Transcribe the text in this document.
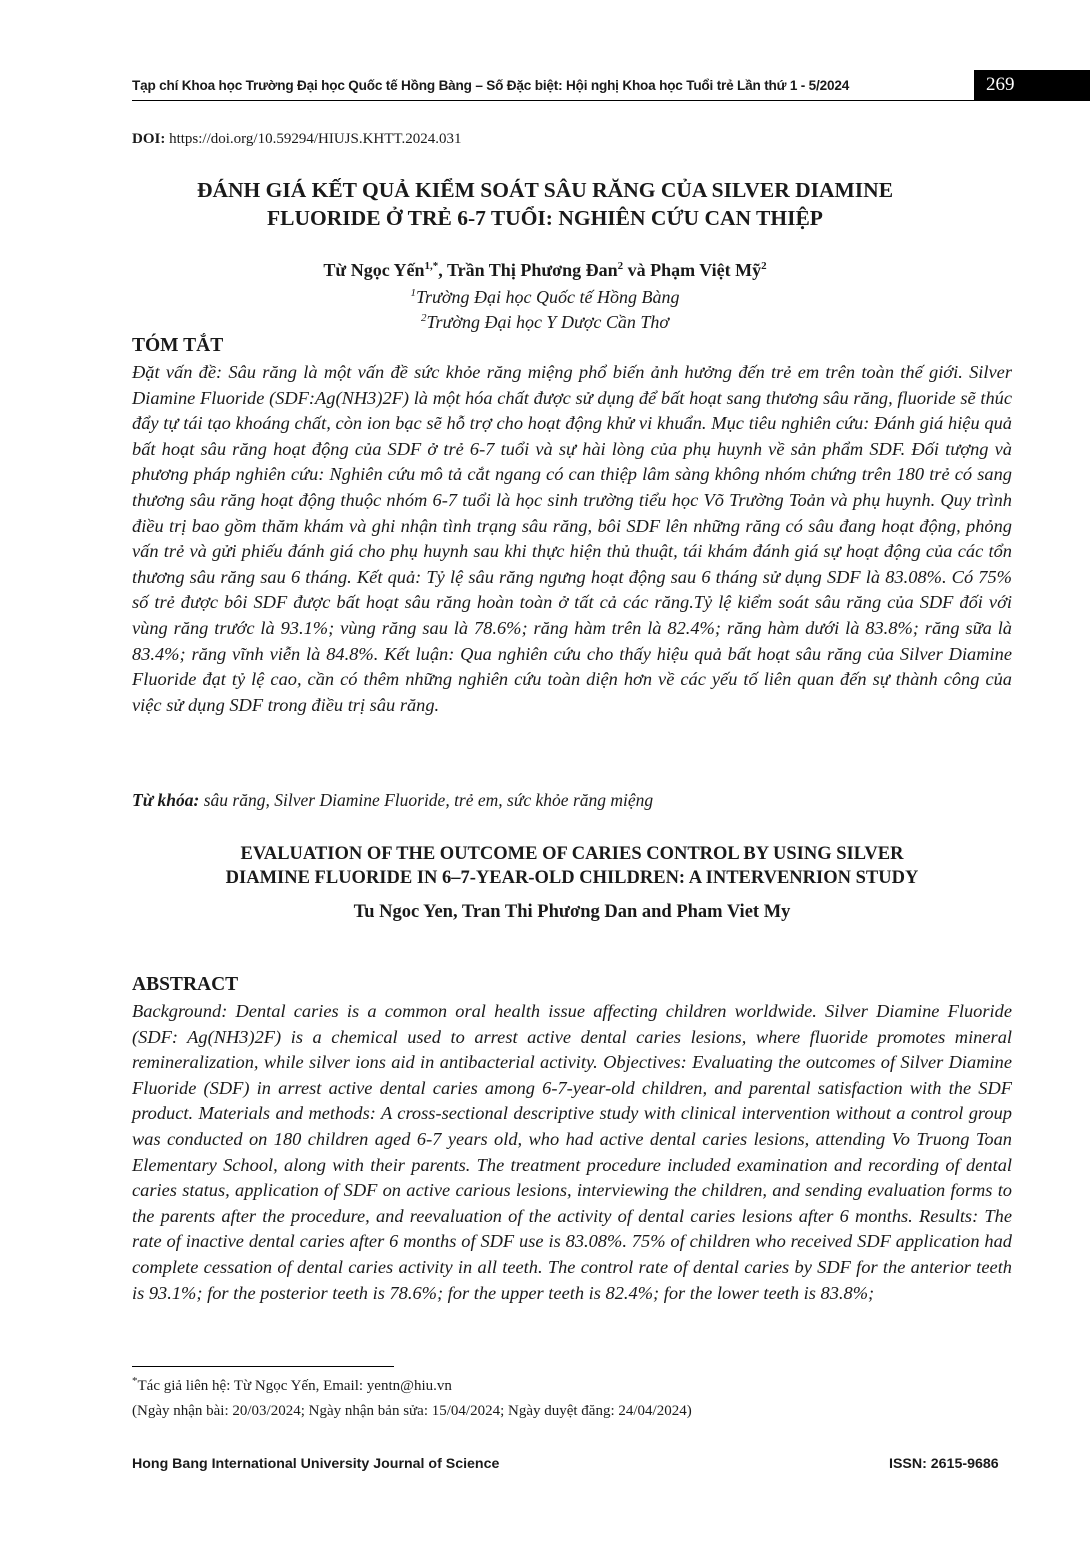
Tạp chí Khoa học Trường Đại học Quốc tế Hồng Bàng – Số Đặc biệt: Hội nghị Khoa học Tuổi trẻ Lần thứ 1 - 5/2024	269
DOI: https://doi.org/10.59294/HIUJS.KHTT.2024.031
ĐÁNH GIÁ KẾT QUẢ KIỂM SOÁT SÂU RĂNG CỦA SILVER DIAMINE
FLUORIDE Ở TRẺ 6-7 TUỔI: NGHIÊN CỨU CAN THIỆP
Từ Ngọc Yến$^{1,*}$, Trần Thị Phương Đan$^2$ và Phạm Việt Mỹ$^2$
$^1$Trường Đại học Quốc tế Hồng Bàng
$^2$Trường Đại học Y Dược Cần Thơ
TÓM TẮT

Đặt vấn đề: Sâu răng là một vấn đề sức khỏe răng miệng phổ biến ảnh hưởng đến trẻ em trên toàn thế giới. Silver Diamine Fluoride (SDF:Ag(NH3)2F) là một hóa chất được sử dụng để bất hoạt sang thương sâu răng, fluoride sẽ thúc đẩy tự tái tạo khoáng chất, còn ion bạc sẽ hỗ trợ cho hoạt động khử vi khuẩn. Mục tiêu nghiên cứu: Đánh giá hiệu quả bất hoạt sâu răng hoạt động của SDF ở trẻ 6-7 tuổi và sự hài lòng của phụ huynh về sản phẩm SDF. Đối tượng và phương pháp nghiên cứu: Nghiên cứu mô tả cắt ngang có can thiệp lâm sàng không nhóm chứng trên 180 trẻ có sang thương sâu răng hoạt động thuộc nhóm 6-7 tuổi là học sinh trường tiểu học Võ Trường Toản và phụ huynh. Quy trình điều trị bao gồm thăm khám và ghi nhận tình trạng sâu răng, bôi SDF lên những răng có sâu đang hoạt động, phỏng vấn trẻ và gửi phiếu đánh giá cho phụ huynh sau khi thực hiện thủ thuật, tái khám đánh giá sự hoạt động của các tổn thương sâu răng sau 6 tháng. Kết quả: Tỷ lệ sâu răng ngưng hoạt động sau 6 tháng sử dụng SDF là 83.08%. Có 75% số trẻ được bôi SDF được bất hoạt sâu răng hoàn toàn ở tất cả các răng.Tỷ lệ kiểm soát sâu răng của SDF đối với vùng răng trước là 93.1%; vùng răng sau là 78.6%; răng hàm trên là 82.4%; răng hàm dưới là 83.8%; răng sữa là 83.4%; răng vĩnh viễn là 84.8%. Kết luận: Qua nghiên cứu cho thấy hiệu quả bất hoạt sâu răng của Silver Diamine Fluoride đạt tỷ lệ cao, cần có thêm những nghiên cứu toàn diện hơn về các yếu tố liên quan đến sự thành công của việc sử dụng SDF trong điều trị sâu răng.

Từ khóa: sâu răng, Silver Diamine Fluoride, trẻ em, sức khỏe răng miệng
EVALUATION OF THE OUTCOME OF CARIES CONTROL BY USING SILVER
DIAMINE FLUORIDE IN 6–7-YEAR-OLD CHILDREN: A INTERVENRION STUDY
Tu Ngoc Yen, Tran Thi Phương Dan and Pham Viet My
ABSTRACT

Background: Dental caries is a common oral health issue affecting children worldwide. Silver Diamine Fluoride (SDF: Ag(NH3)2F) is a chemical used to arrest active dental caries lesions, where fluoride promotes mineral remineralization, while silver ions aid in antibacterial activity. Objectives: Evaluating the outcomes of Silver Diamine Fluoride (SDF) in arrest active dental caries among 6-7-year-old children, and parental satisfaction with the SDF product. Materials and methods: A cross-sectional descriptive study with clinical intervention without a control group was conducted on 180 children aged 6-7 years old, who had active dental caries lesions, attending Vo Truong Toan Elementary School, along with their parents. The treatment procedure included examination and recording of dental caries status, application of SDF on active carious lesions, interviewing the children, and sending evaluation forms to the parents after the procedure, and reevaluation of the activity of dental caries lesions after 6 months. Results: The rate of inactive dental caries after 6 months of SDF use is 83.08%. 75% of children who received SDF application had complete cessation of dental caries activity in all teeth. The control rate of dental caries by SDF for the anterior teeth is 93.1%; for the posterior teeth is 78.6%; for the upper teeth is 82.4%; for the lower teeth is 83.8%;

*Tác giả liên hệ: Từ Ngọc Yến, Email: yentn@hiu.vn
(Ngày nhận bài: 20/03/2024; Ngày nhận bản sửa: 15/04/2024; Ngày duyệt đăng: 24/04/2024)
Hong Bang International University Journal of Science	ISSN: 2615-9686
